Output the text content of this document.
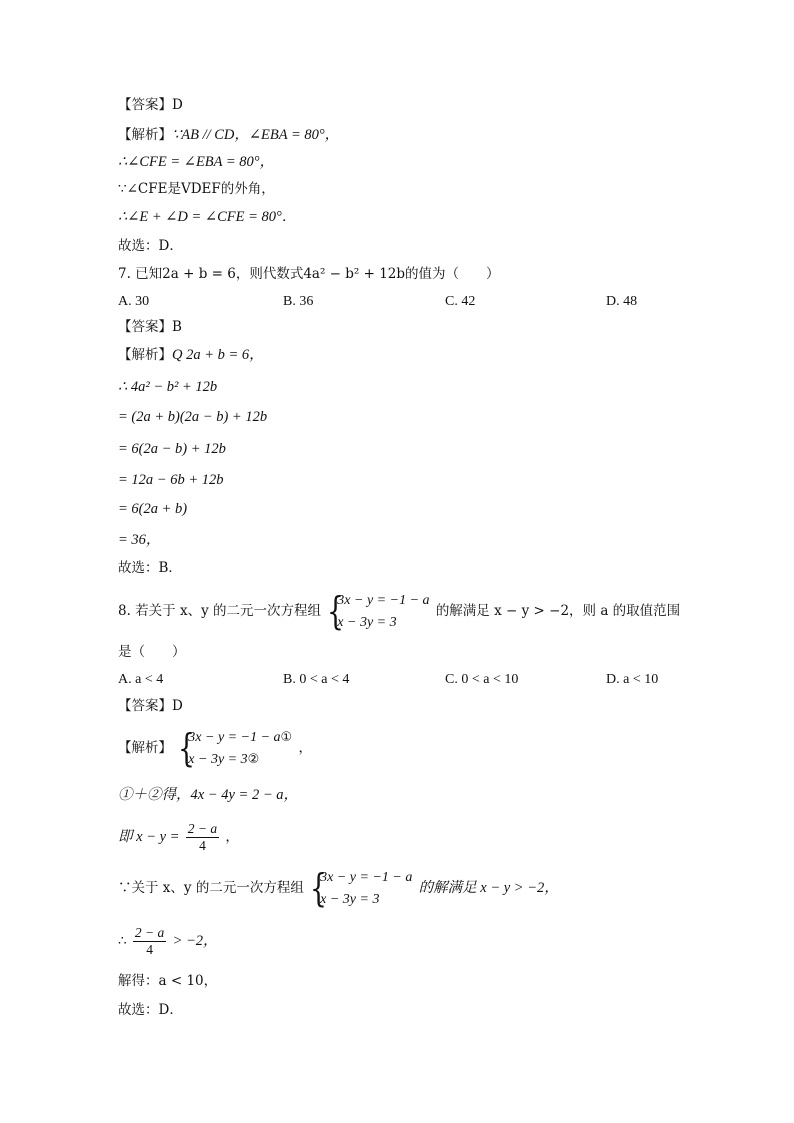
【答案】D
【解析】∵AB // CD，∠EBA = 80°，
∴∠CFE = ∠EBA = 80°，
∵∠CFE是VDEF的外角，
∴∠E + ∠D = ∠CFE = 80°．
故选：D．
7. 已知2a + b = 6，则代数式4a² − b² + 12b的值为（　　）
A. 30	B. 36	C. 42	D. 48
【答案】B
【解析】Q 2a + b = 6，
∴ 4a² − b² + 12b
= (2a + b)(2a − b) + 12b
= 6(2a − b) + 12b
= 12a − 6b + 12b
= 6(2a + b)
= 36，
故选：B．
8. 若关于 x、y 的二元一次方程组 {
3x − y = −1 − a
x − 3y = 3
的解满足 x − y > −2，则 a 的取值范围
是（　　）
A. a < 4	B. 0 < a < 4	C. 0 < a < 10	D. a < 10
【答案】D
【解析】 {
3x − y = −1 − a①
x − 3y = 3②
，
①＋②得，4x − 4y = 2 − a，
即 $x - y = \frac{2 - a}{4}$ ，
∵关于 x、y 的二元一次方程组 {
3x − y = −1 − a
x − 3y = 3
的解满足 x − y > −2，
∴ $\frac{2 - a}{4} > -2$，
解得：a < 10，
故选：D．
